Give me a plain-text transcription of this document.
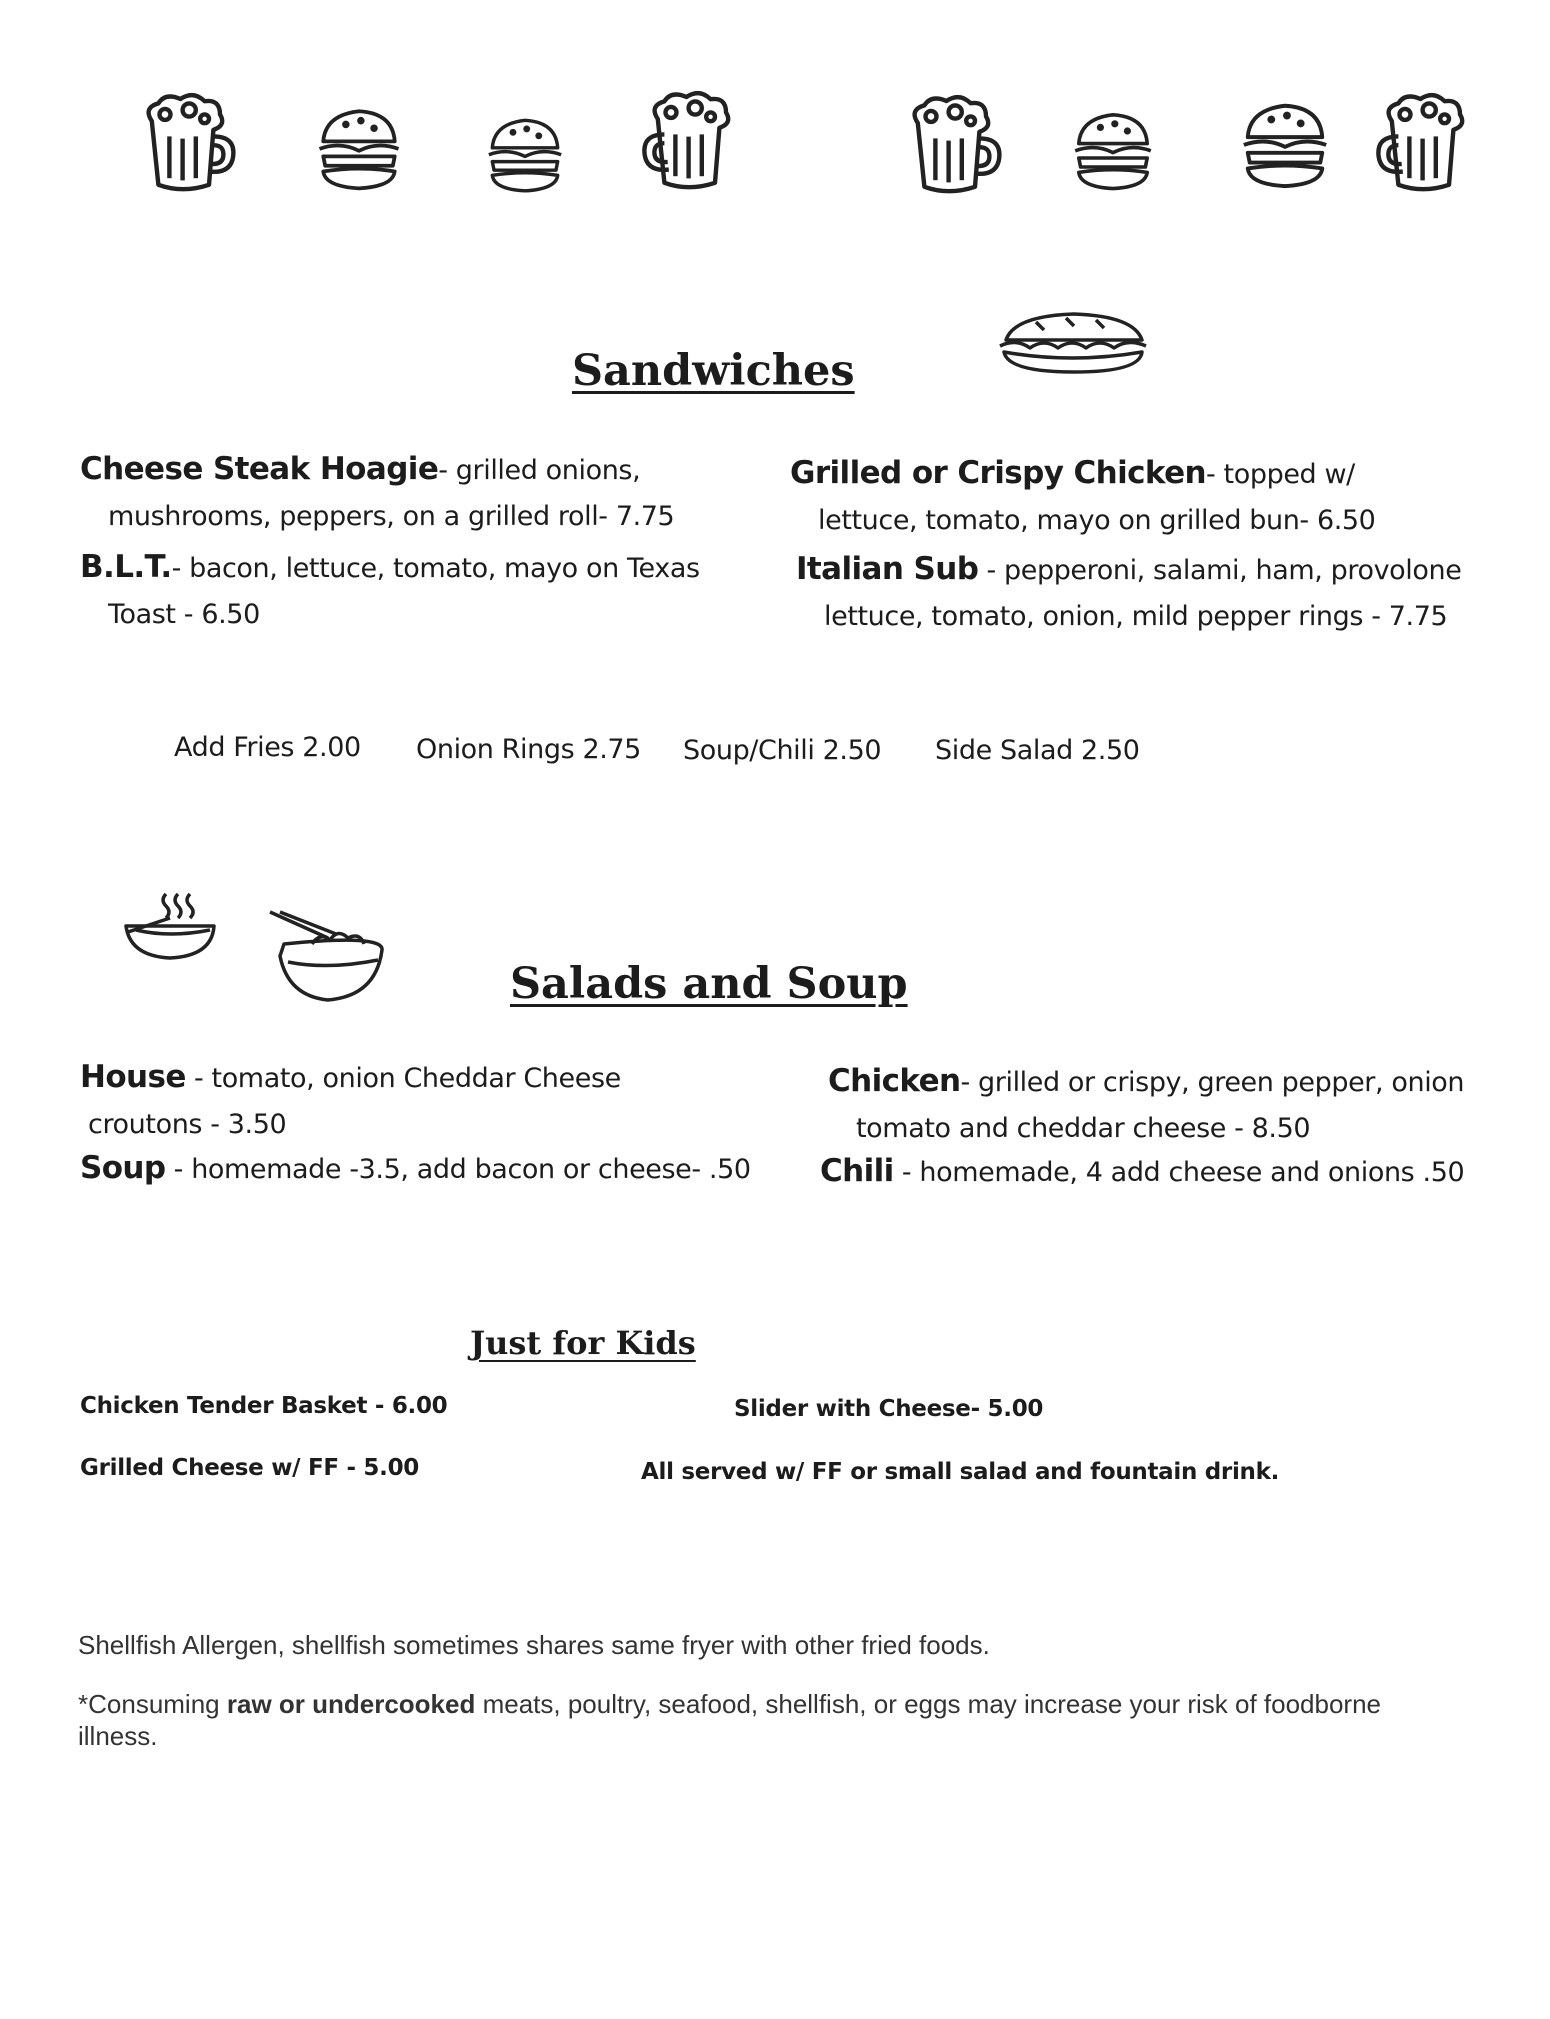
Sandwiches
Cheese Steak Hoagie- grilled onions,
mushrooms, peppers, on a grilled roll- 7.75
B.L.T.- bacon, lettuce, tomato, mayo on Texas
Toast - 6.50
Grilled or Crispy Chicken- topped w/
lettuce, tomato, mayo on grilled bun- 6.50
Italian Sub - pepperoni, salami, ham, provolone
lettuce, tomato, onion, mild pepper rings - 7.75
Add Fries 2.00 Onion Rings 2.75 Soup/Chili 2.50 Side Salad 2.50
Salads and Soup
House - tomato, onion Cheddar Cheese
croutons - 3.50
Soup - homemade -3.5, add bacon or cheese- .50
Chicken- grilled or crispy, green pepper, onion
tomato and cheddar cheese - 8.50
Chili - homemade, 4 add cheese and onions .50
Just for Kids
Chicken Tender Basket - 6.00
Grilled Cheese w/ FF - 5.00
Slider with Cheese- 5.00
All served w/ FF or small salad and fountain drink.
Shellfish Allergen, shellfish sometimes shares same fryer with other fried foods.
*Consuming raw or undercooked meats, poultry, seafood, shellfish, or eggs may increase your risk of foodborne illness.
